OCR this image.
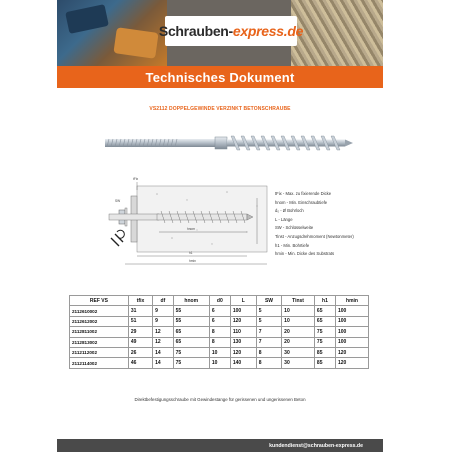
Schrauben-express.de
Technisches Dokument
VS2112 DOPPELGEWINDE VERZINKT BETONSCHRAUBE
hnom
h1
hmin
SW
tFix
tFix - Max. zu fixierende Dicke
hnom - Min. Einschraubtiefe
d₀ - Ø Bohrloch
L - Länge
SW - Schlüsselweite
Tinst - Anzugsdrehmoment (Newtonmeter)
h1 - Min. Bohrtiefe
hmin - Min. Dicke des Substrats
REF VS	tfix	df	hnom	d0	L	SW	Tinst	h1	hmin
2112610002	31	9	55	6	100	5	10	65	100
2112612002	51	9	55	6	120	5	10	65	100
2112811002	29	12	65	8	110	7	20	75	100
2112813002	49	12	65	8	130	7	20	75	100
2112112002	26	14	75	10	120	8	30	85	120
2112114002	46	14	75	10	140	8	30	85	120
Direktbefestigungsschraube mit Gewindestange für gerissenen und ungerissenen Beton
kundendienst@schrauben-express.de
